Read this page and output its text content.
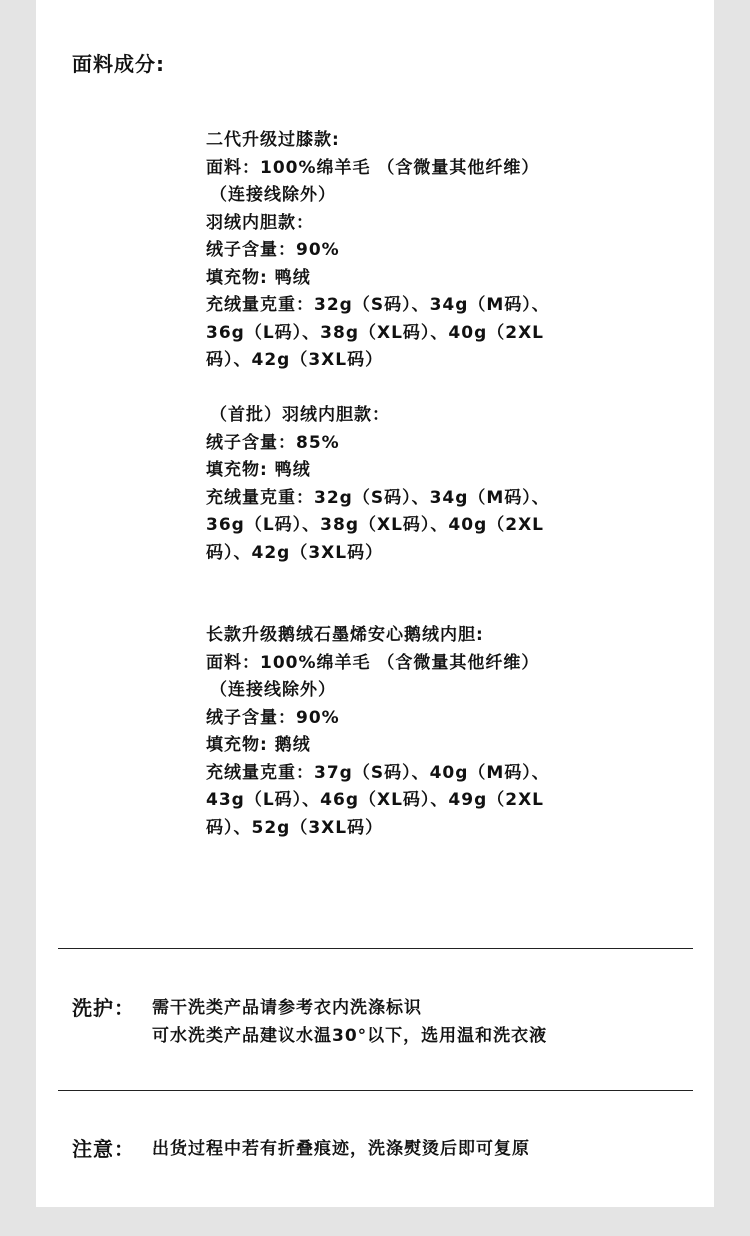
面料成分:
二代升级过膝款:
面料：100%绵羊毛 （含微量其他纤维）
（连接线除外）
羽绒内胆款：
绒子含量：90%
填充物: 鸭绒
充绒量克重：32g（S码）、34g（M码）、
36g（L码）、38g（XL码）、40g（2XL
码）、42g（3XL码）
（首批）羽绒内胆款：
绒子含量：85%
填充物: 鸭绒
充绒量克重：32g（S码）、34g（M码）、
36g（L码）、38g（XL码）、40g（2XL
码）、42g（3XL码）
长款升级鹅绒石墨烯安心鹅绒内胆:
面料：100%绵羊毛 （含微量其他纤维）
（连接线除外）
绒子含量：90%
填充物: 鹅绒
充绒量克重：37g（S码）、40g（M码）、
43g（L码）、46g（XL码）、49g（2XL
码）、52g（3XL码）
洗护：	需干洗类产品请参考衣内洗涤标识
可水洗类产品建议水温30°以下，选用温和洗衣液
注意：	出货过程中若有折叠痕迹，洗涤熨烫后即可复原
